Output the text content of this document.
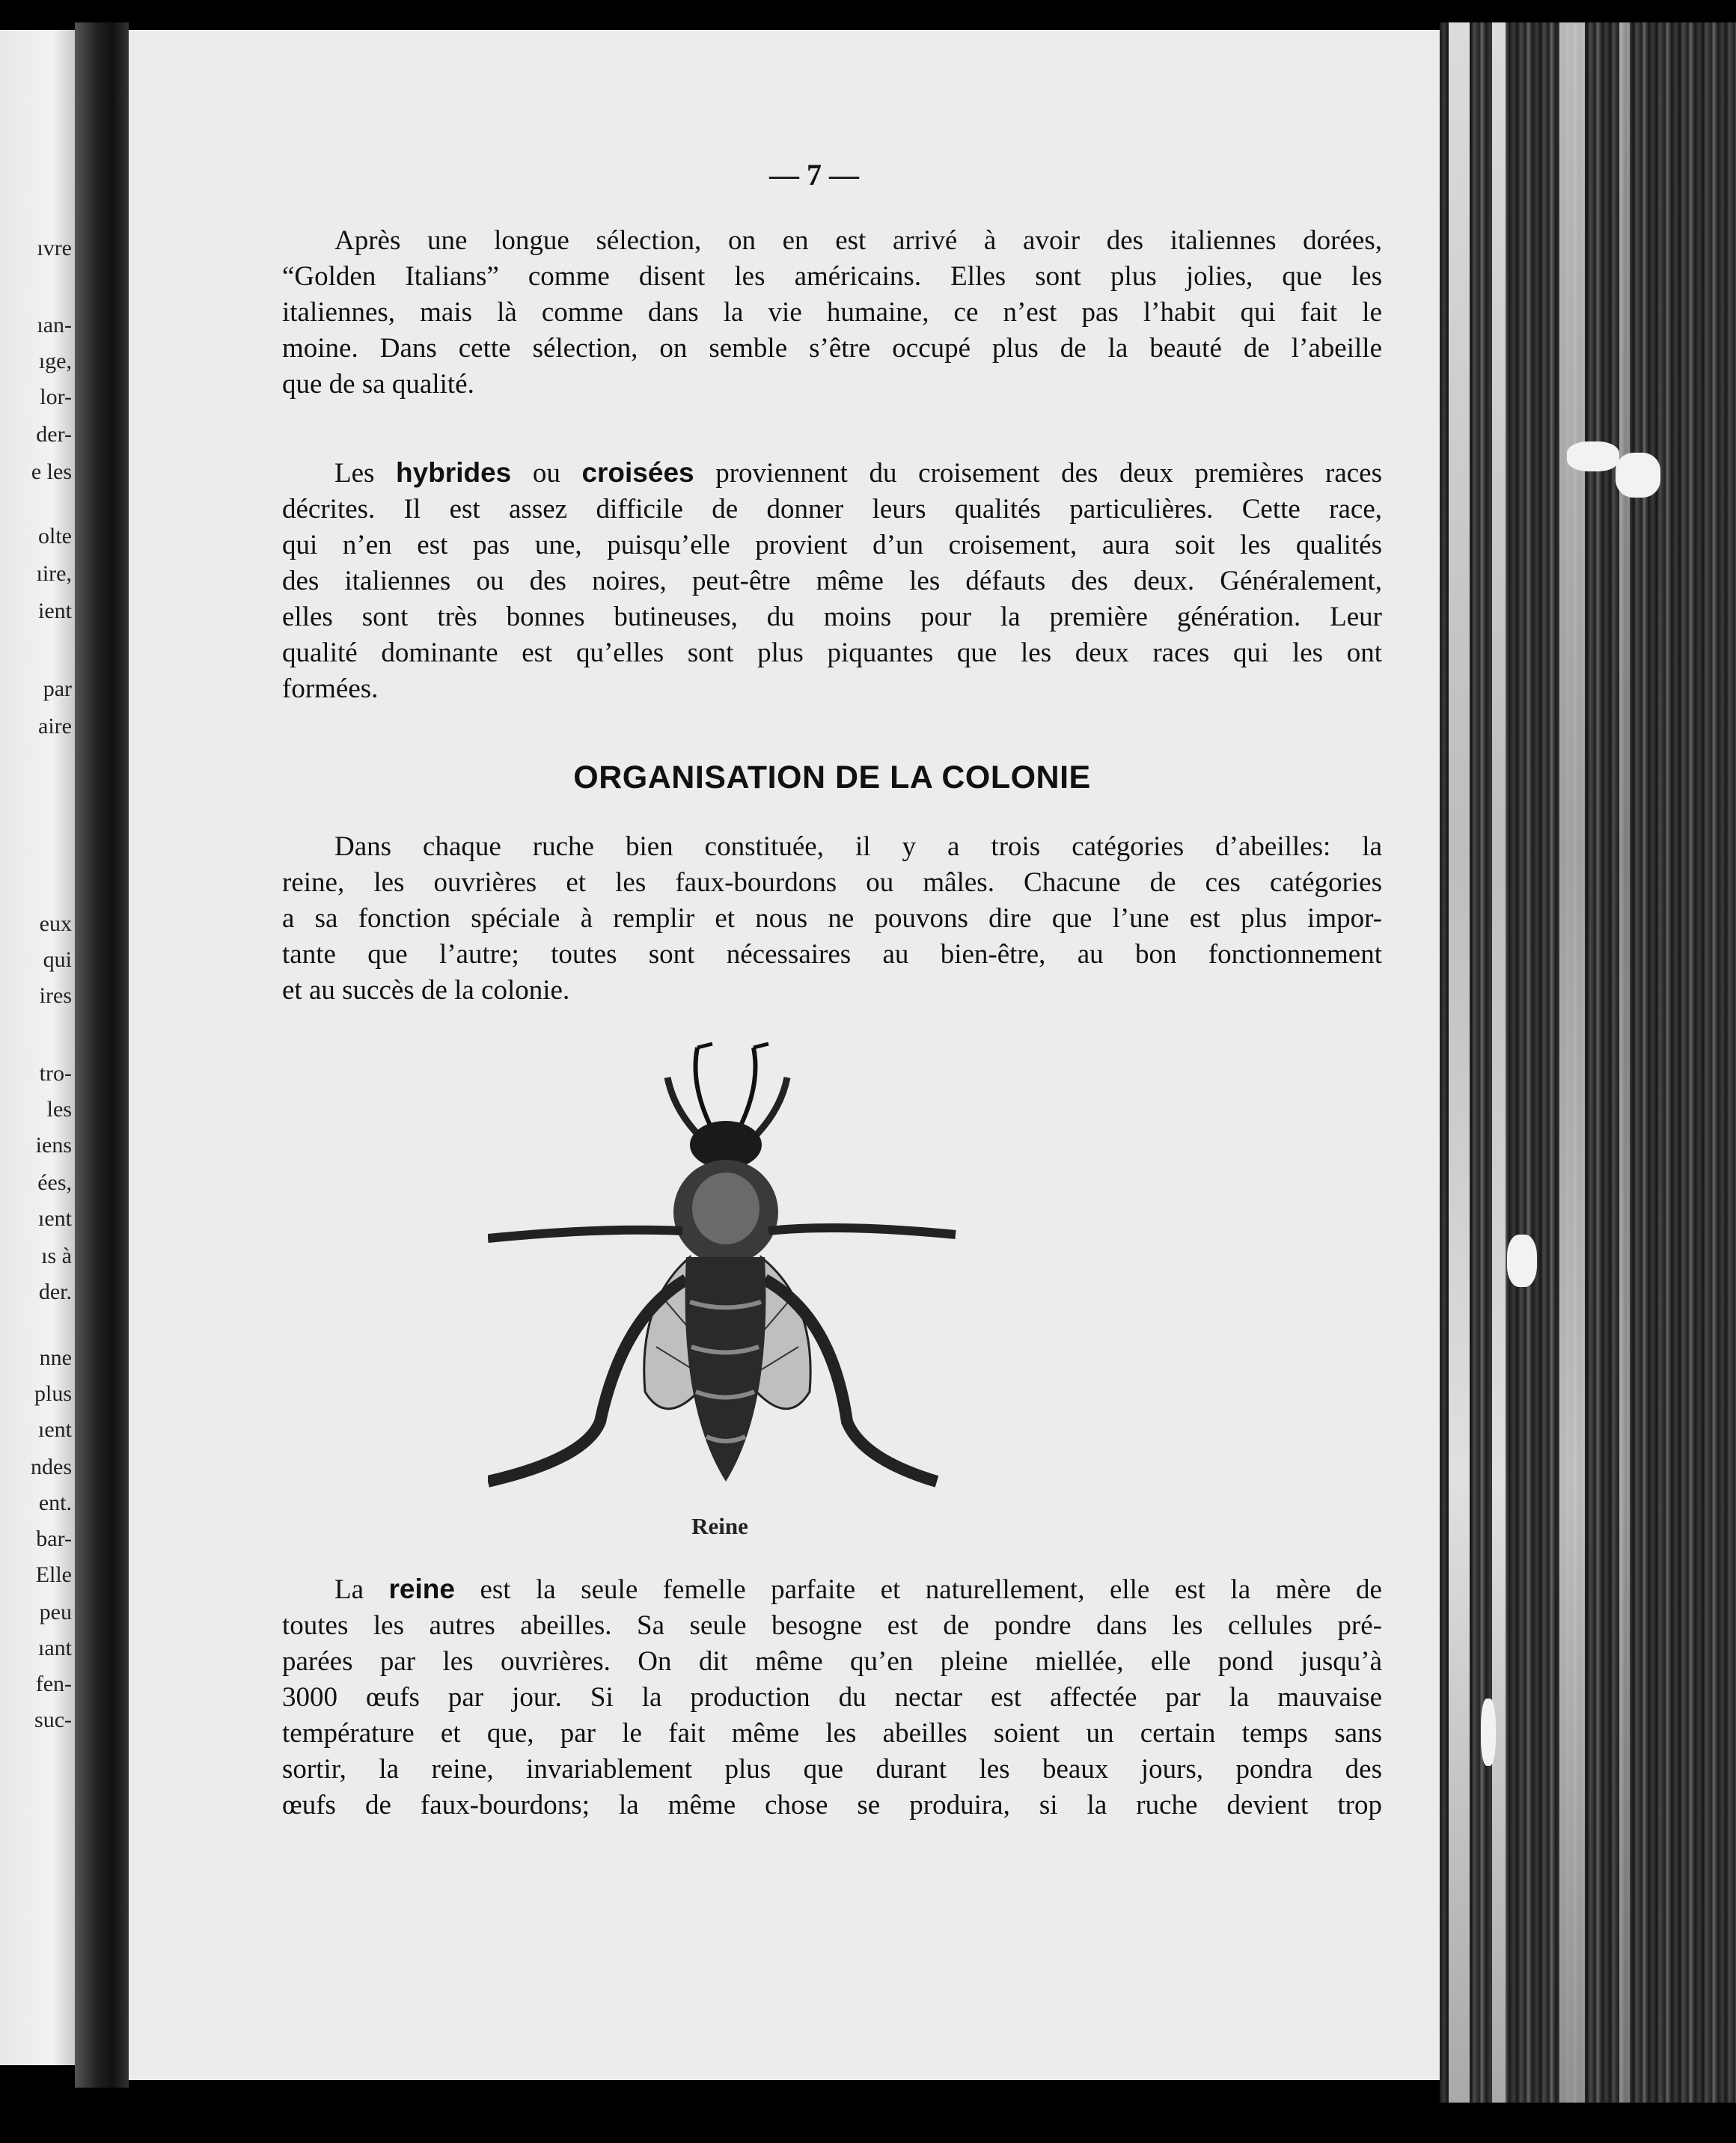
ıvre
ıan-
ıge,
lor-
der-
e les
olte
ıire,
ient
par
aire
eux
qui
ires
tro-
les
iens
ées,
ıent
ıs à
der.
nne
plus
ıent
ndes
ent.
bar-
Elle
peu
ıant
fen-
suc-
— 7 —
Après une longue sélection, on en est arrivé à avoir des italiennes dorées,
“Golden Italians” comme disent les américains. Elles sont plus jolies, que les
italiennes, mais là comme dans la vie humaine, ce n’est pas l’habit qui fait le
moine. Dans cette sélection, on semble s’être occupé plus de la beauté de l’abeille
que de sa qualité.
Les hybrides ou croisées proviennent du croisement des deux premières races
décrites. Il est assez difficile de donner leurs qualités particulières. Cette race,
qui n’en est pas une, puisqu’elle provient d’un croisement, aura soit les qualités
des italiennes ou des noires, peut-être même les défauts des deux. Généralement,
elles sont très bonnes butineuses, du moins pour la première génération. Leur
qualité dominante est qu’elles sont plus piquantes que les deux races qui les ont
formées.
ORGANISATION DE LA COLONIE
Dans chaque ruche bien constituée, il y a trois catégories d’abeilles: la
reine, les ouvrières et les faux-bourdons ou mâles. Chacune de ces catégories
a sa fonction spéciale à remplir et nous ne pouvons dire que l’une est plus impor-
tante que l’autre; toutes sont nécessaires au bien-être, au bon fonctionnement
et au succès de la colonie.
Reine
La reine est la seule femelle parfaite et naturellement, elle est la mère de
toutes les autres abeilles. Sa seule besogne est de pondre dans les cellules pré-
parées par les ouvrières. On dit même qu’en pleine miellée, elle pond jusqu’à
3000 œufs par jour. Si la production du nectar est affectée par la mauvaise
température et que, par le fait même les abeilles soient un certain temps sans
sortir, la reine, invariablement plus que durant les beaux jours, pondra des
œufs de faux-bourdons; la même chose se produira, si la ruche devient trop
